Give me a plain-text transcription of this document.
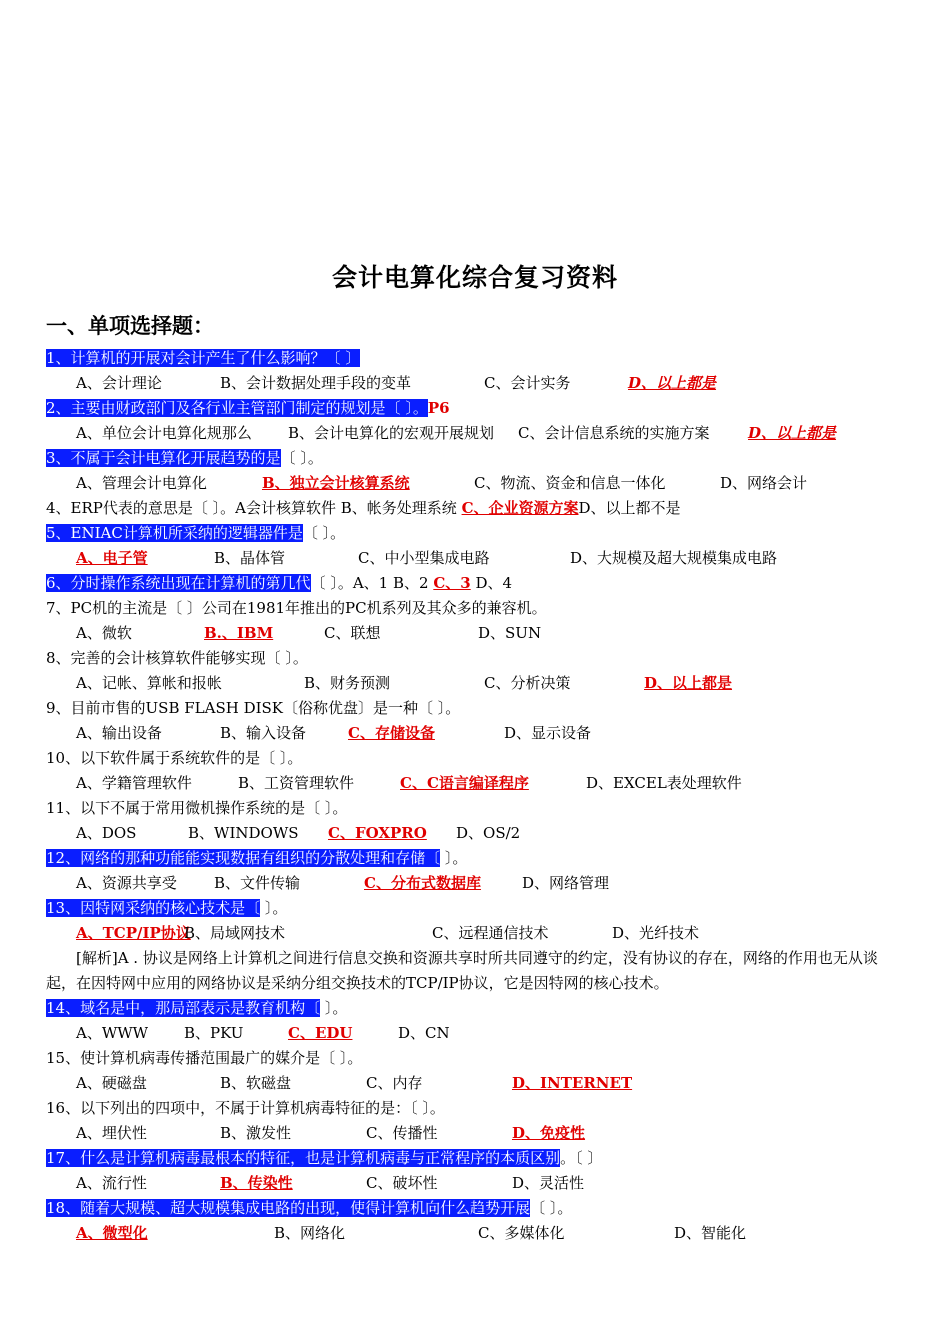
会计电算化综合复习资料
一、单项选择题：
1、计算机的开展对会计产生了什么影响？〔 〕
A、会计理论	B、会计数据处理手段的变革	C、会计实务	D、以上都是
2、主要由财政部门及各行业主管部门制定的规划是〔 〕。P6
A、单位会计电算化规那么 B、会计电算化的宏观开展规划 C、会计信息系统的实施方案	D、以上都是
3、不属于会计电算化开展趋势的是〔 〕。
A、管理会计电算化	B、独立会计核算系统	C、物流、资金和信息一体化	D、网络会计
4、ERP代表的意思是〔 〕。A会计核算软件 B、帐务处理系统 C、企业资源方案D、以上都不是
5、ENIAC计算机所采纳的逻辑器件是〔 〕。
A、电子管	B、晶体管	C、中小型集成电路	D、大规模及超大规模集成电路
6、分时操作系统出现在计算机的第几代〔 〕。A、1 B、2 C、3 D、4
7、PC机的主流是〔 〕公司在1981年推出的PC机系列及其众多的兼容机。
A、微软	B.、IBM	C、联想	D、SUN
8、完善的会计核算软件能够实现〔 〕。
A、记帐、算帐和报帐	B、财务预测	C、分析决策	D、以上都是
9、目前市售的USB FLASH DISK〔俗称优盘〕是一种〔 〕。
A、输出设备	B、输入设备	C、存储设备	D、显示设备
10、以下软件属于系统软件的是〔 〕。
A、学籍管理软件	B、工资管理软件	C、C语言编译程序	D、EXCEL表处理软件
11、以下不属于常用微机操作系统的是〔 〕。
A、DOS	B、WINDOWS C、FOXPRO D、OS/2
12、网络的那种功能能实现数据有组织的分散处理和存储〔 〕。
A、资源共享受 B、文件传输	C、分布式数据库	D、网络管理
13、因特网采纳的核心技术是〔 〕。
A、TCP/IP协议
B、局域网技术	C、远程通信技术	D、光纤技术
[解析]A . 协议是网络上计算机之间进行信息交换和资源共享时所共同遵守的约定，没有协议的存在，网络的作用也无从谈起，在因特网中应用的网络协议是采纳分组交换技术的TCP/IP协议，它是因特网的核心技术。
14、域名是中，那局部表示是教育机构〔 〕。
A、WWW B、PKU	C、EDU	D、CN
15、使计算机病毒传播范围最广的媒介是〔 〕。
A、硬磁盘	B、软磁盘	C、内存	D、INTERNET
16、以下列出的四项中，不属于计算机病毒特征的是：〔 〕。
A、埋伏性	B、激发性	C、传播性	D、免疫性
17、什么是计算机病毒最根本的特征，也是计算机病毒与正常程序的本质区别。〔 〕
A、流行性	B、传染性	C、破坏性	D、灵活性
18、随着大规模、超大规模集成电路的出现，使得计算机向什么趋势开展〔 〕。
A、微型化	B、网络化	C、多媒体化	D、智能化
